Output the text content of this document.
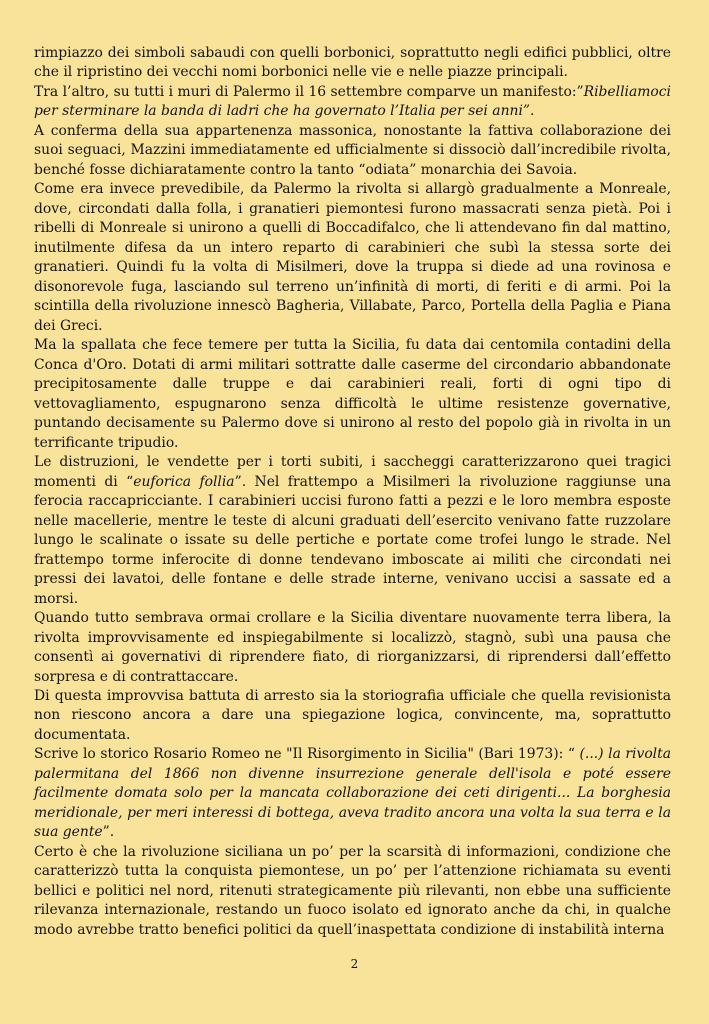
rimpiazzo dei simboli sabaudi con quelli borbonici, soprattutto negli edifici pubblici, oltre che il ripristino dei vecchi nomi borbonici nelle vie e nelle piazze principali.

Tra l’altro, su tutti i muri di Palermo il 16 settembre comparve un manifesto:”Ribelliamoci per sterminare la banda di ladri che ha governato l’Italia per sei anni”.

A conferma della sua appartenenza massonica, nonostante la fattiva collaborazione dei suoi seguaci, Mazzini immediatamente ed ufficialmente si dissociò dall’incredibile rivolta, benché fosse dichiaratamente contro la tanto “odiata” monarchia dei Savoia.

Come era invece prevedibile, da Palermo la rivolta si allargò gradualmente a Monreale, dove, circondati dalla folla, i granatieri piemontesi furono massacrati senza pietà. Poi i ribelli di Monreale si unirono a quelli di Boccadifalco, che li attendevano fin dal mattino, inutilmente difesa da un intero reparto di carabinieri che subì la stessa sorte dei granatieri. Quindi fu la volta di Misilmeri, dove la truppa si diede ad una rovinosa e disonorevole fuga, lasciando sul terreno un’infinità di morti, di feriti e di armi. Poi la scintilla della rivoluzione innescò Bagheria, Villabate, Parco, Portella della Paglia e Piana dei Greci.

Ma la spallata che fece temere per tutta la Sicilia, fu data dai centomila contadini della Conca d'Oro. Dotati di armi militari sottratte dalle caserme del circondario abbandonate precipitosamente dalle truppe e dai carabinieri reali, forti di ogni tipo di vettovagliamento, espugnarono senza difficoltà le ultime resistenze governative, puntando decisamente su Palermo dove si unirono al resto del popolo già in rivolta in un terrificante tripudio.

Le distruzioni, le vendette per i torti subiti, i saccheggi caratterizzarono quei tragici momenti di “euforica follia”. Nel frattempo a Misilmeri la rivoluzione raggiunse una ferocia raccapricciante. I carabinieri uccisi furono fatti a pezzi e le loro membra esposte nelle macellerie, mentre le teste di alcuni graduati dell’esercito venivano fatte ruzzolare lungo le scalinate o issate su delle pertiche e portate come trofei lungo le strade. Nel frattempo torme inferocite di donne tendevano imboscate ai militi che circondati nei pressi dei lavatoi, delle fontane e delle strade interne, venivano uccisi a sassate ed a morsi.

Quando tutto sembrava ormai crollare e la Sicilia diventare nuovamente terra libera, la rivolta improvvisamente ed inspiegabilmente si localizzò, stagnò, subì una pausa che consentì ai governativi di riprendere fiato, di riorganizzarsi, di riprendersi dall’effetto sorpresa e di contrattaccare.

Di questa improvvisa battuta di arresto sia la storiografia ufficiale che quella revisionista non riescono ancora a dare una spiegazione logica, convincente, ma, soprattutto documentata.

Scrive lo storico Rosario Romeo ne "Il Risorgimento in Sicilia" (Bari 1973): “ (...) la rivolta palermitana del 1866 non divenne insurrezione generale dell'isola e poté essere facilmente domata solo per la mancata collaborazione dei ceti dirigenti... La borghesia meridionale, per meri interessi di bottega, aveva tradito ancora una volta la sua terra e la sua gente”.

Certo è che la rivoluzione siciliana un po’ per la scarsità di informazioni, condizione che caratterizzò tutta la conquista piemontese, un po’ per l’attenzione richiamata su eventi bellici e politici nel nord, ritenuti strategicamente più rilevanti, non ebbe una sufficiente rilevanza internazionale, restando un fuoco isolato ed ignorato anche da chi, in qualche modo avrebbe tratto benefici politici da quell’inaspettata condizione di instabilità interna

2
